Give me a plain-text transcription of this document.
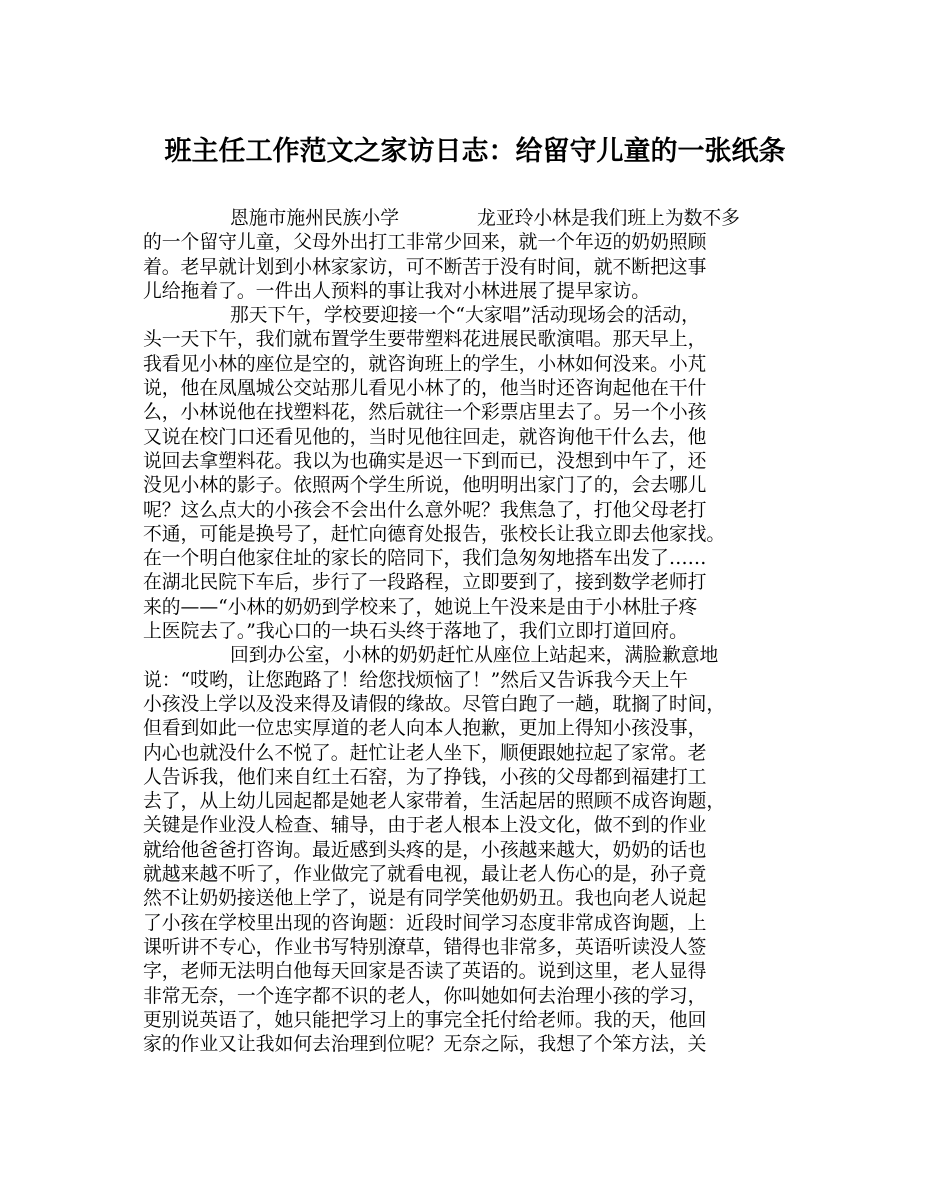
班主任工作范文之家访日志：给留守儿童的一张纸条
恩施市施州民族小学	龙亚玲小林是我们班上为数不多
的一个留守儿童，父母外出打工非常少回来，就一个年迈的奶奶照顾
着。老早就计划到小林家家访，可不断苦于没有时间，就不断把这事
儿给拖着了。一件出人预料的事让我对小林进展了提早家访。
那天下午，学校要迎接一个“大家唱”活动现场会的活动，
头一天下午，我们就布置学生要带塑料花进展民歌演唱。那天早上，
我看见小林的座位是空的，就咨询班上的学生，小林如何没来。小芃
说，他在凤凰城公交站那儿看见小林了的，他当时还咨询起他在干什
么，小林说他在找塑料花，然后就往一个彩票店里去了。另一个小孩
又说在校门口还看见他的，当时见他往回走，就咨询他干什么去，他
说回去拿塑料花。我以为也确实是迟一下到而已，没想到中午了，还
没见小林的影子。依照两个学生所说，他明明出家门了的，会去哪儿
呢？这么点大的小孩会不会出什么意外呢？我焦急了，打他父母老打
不通，可能是换号了，赶忙向德育处报告，张校长让我立即去他家找。
在一个明白他家住址的家长的陪同下，我们急匆匆地搭车出发了……
在湖北民院下车后，步行了一段路程，立即要到了，接到数学老师打
来的——“小林的奶奶到学校来了，她说上午没来是由于小林肚子疼
上医院去了。”我心口的一块石头终于落地了，我们立即打道回府。
回到办公室，小林的奶奶赶忙从座位上站起来，满脸歉意地
说：“哎哟，让您跑路了！给您找烦恼了！”然后又告诉我今天上午
小孩没上学以及没来得及请假的缘故。尽管白跑了一趟，耽搁了时间，
但看到如此一位忠实厚道的老人向本人抱歉，更加上得知小孩没事，
内心也就没什么不悦了。赶忙让老人坐下，顺便跟她拉起了家常。老
人告诉我，他们来自红土石窑，为了挣钱，小孩的父母都到福建打工
去了，从上幼儿园起都是她老人家带着，生活起居的照顾不成咨询题，
关键是作业没人检查、辅导，由于老人根本上没文化，做不到的作业
就给他爸爸打咨询。最近感到头疼的是，小孩越来越大，奶奶的话也
就越来越不听了，作业做完了就看电视，最让老人伤心的是，孙子竟
然不让奶奶接送他上学了，说是有同学笑他奶奶丑。我也向老人说起
了小孩在学校里出现的咨询题：近段时间学习态度非常成咨询题，上
课听讲不专心，作业书写特别潦草，错得也非常多，英语听读没人签
字，老师无法明白他每天回家是否读了英语的。说到这里，老人显得
非常无奈，一个连字都不识的老人，你叫她如何去治理小孩的学习，
更别说英语了，她只能把学习上的事完全托付给老师。我的天，他回
家的作业又让我如何去治理到位呢？无奈之际，我想了个笨方法，关
